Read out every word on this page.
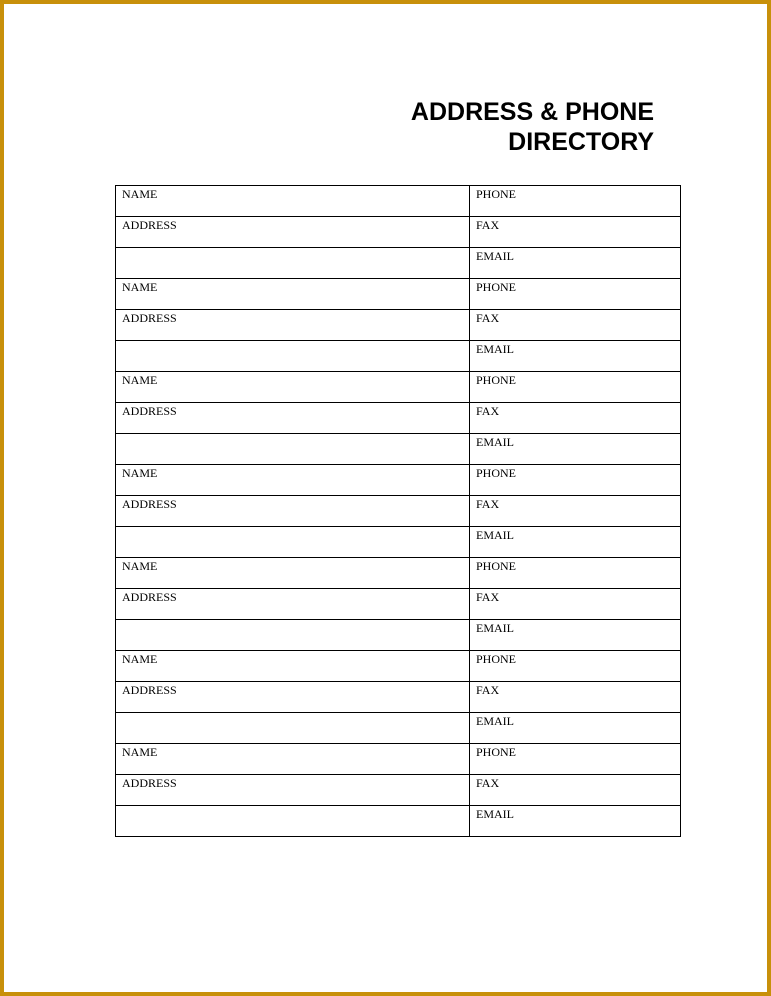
ADDRESS & PHONE
DIRECTORY
NAME	PHONE

ADDRESS	FAX

	EMAIL

NAME	PHONE

ADDRESS	FAX

	EMAIL

NAME	PHONE

ADDRESS	FAX

	EMAIL

NAME	PHONE

ADDRESS	FAX

	EMAIL

NAME	PHONE

ADDRESS	FAX

	EMAIL

NAME	PHONE

ADDRESS	FAX

	EMAIL

NAME	PHONE

ADDRESS	FAX

	EMAIL
